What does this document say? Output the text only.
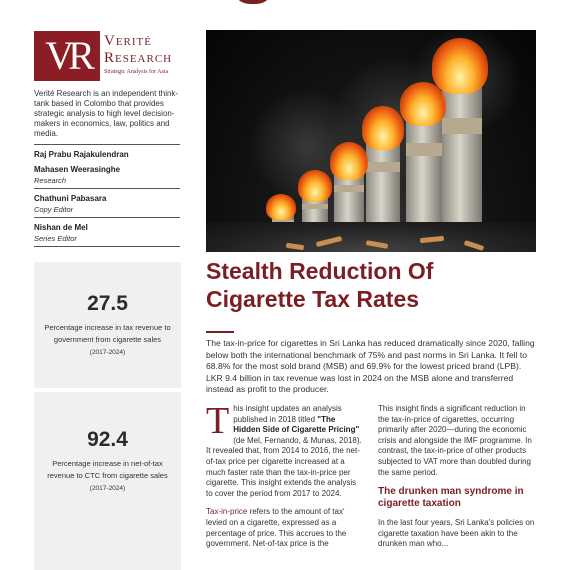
VR	Verité
Research
Strategic Analysis for Asia
Verité Research is an independent think-tank based in Colombo that provides strategic analysis to high level decision-makers in economics, law, politics and media.
Raj Prabu Rajakulendran
Mahasen Weerasinghe
Research
Chathuni Pabasara
Copy Editor
Nishan de Mel
Series Editor
27.5
Percentage increase in tax revenue to government from cigarette sales
(2017-2024)
92.4
Percentage increase in net-of-tax revenue to CTC from cigarette sales
(2017-2024)
Stealth Reduction Of Cigarette Tax Rates

The tax-in-price for cigarettes in Sri Lanka has reduced dramatically since 2020, falling below both the international benchmark of 75% and past norms in Sri Lanka. It fell to 68.8% for the most sold brand (MSB) and 69.9% for the lowest priced brand (LPB). LKR 9.4 billion in tax revenue was lost in 2024 on the MSB alone and transferred instead as profit to the producer.

This insight updates an analysis published in 2018 titled "The Hidden Side of Cigarette Pricing" (de Mel, Fernando, & Munas, 2018). It revealed that, from 2014 to 2016, the net-of-tax price per cigarette increased at a much faster rate than the tax-in-price per cigarette. This insight extends the analysis to cover the period from 2017 to 2024.

Tax-in-price refers to the amount of tax' levied on a cigarette, expressed as a percentage of price. This accrues to the government. Net-of-tax price is the

This insight finds a significant reduction in the tax-in-price of cigarettes, occurring primarily after 2020—during the economic crisis and alongside the IMF programme. In contrast, the tax-in-price of other products subjected to VAT more than doubled during the same period.

The drunken man syndrome in cigarette taxation

In the last four years, Sri Lanka's policies on cigarette taxation have been akin to the drunken man who...
